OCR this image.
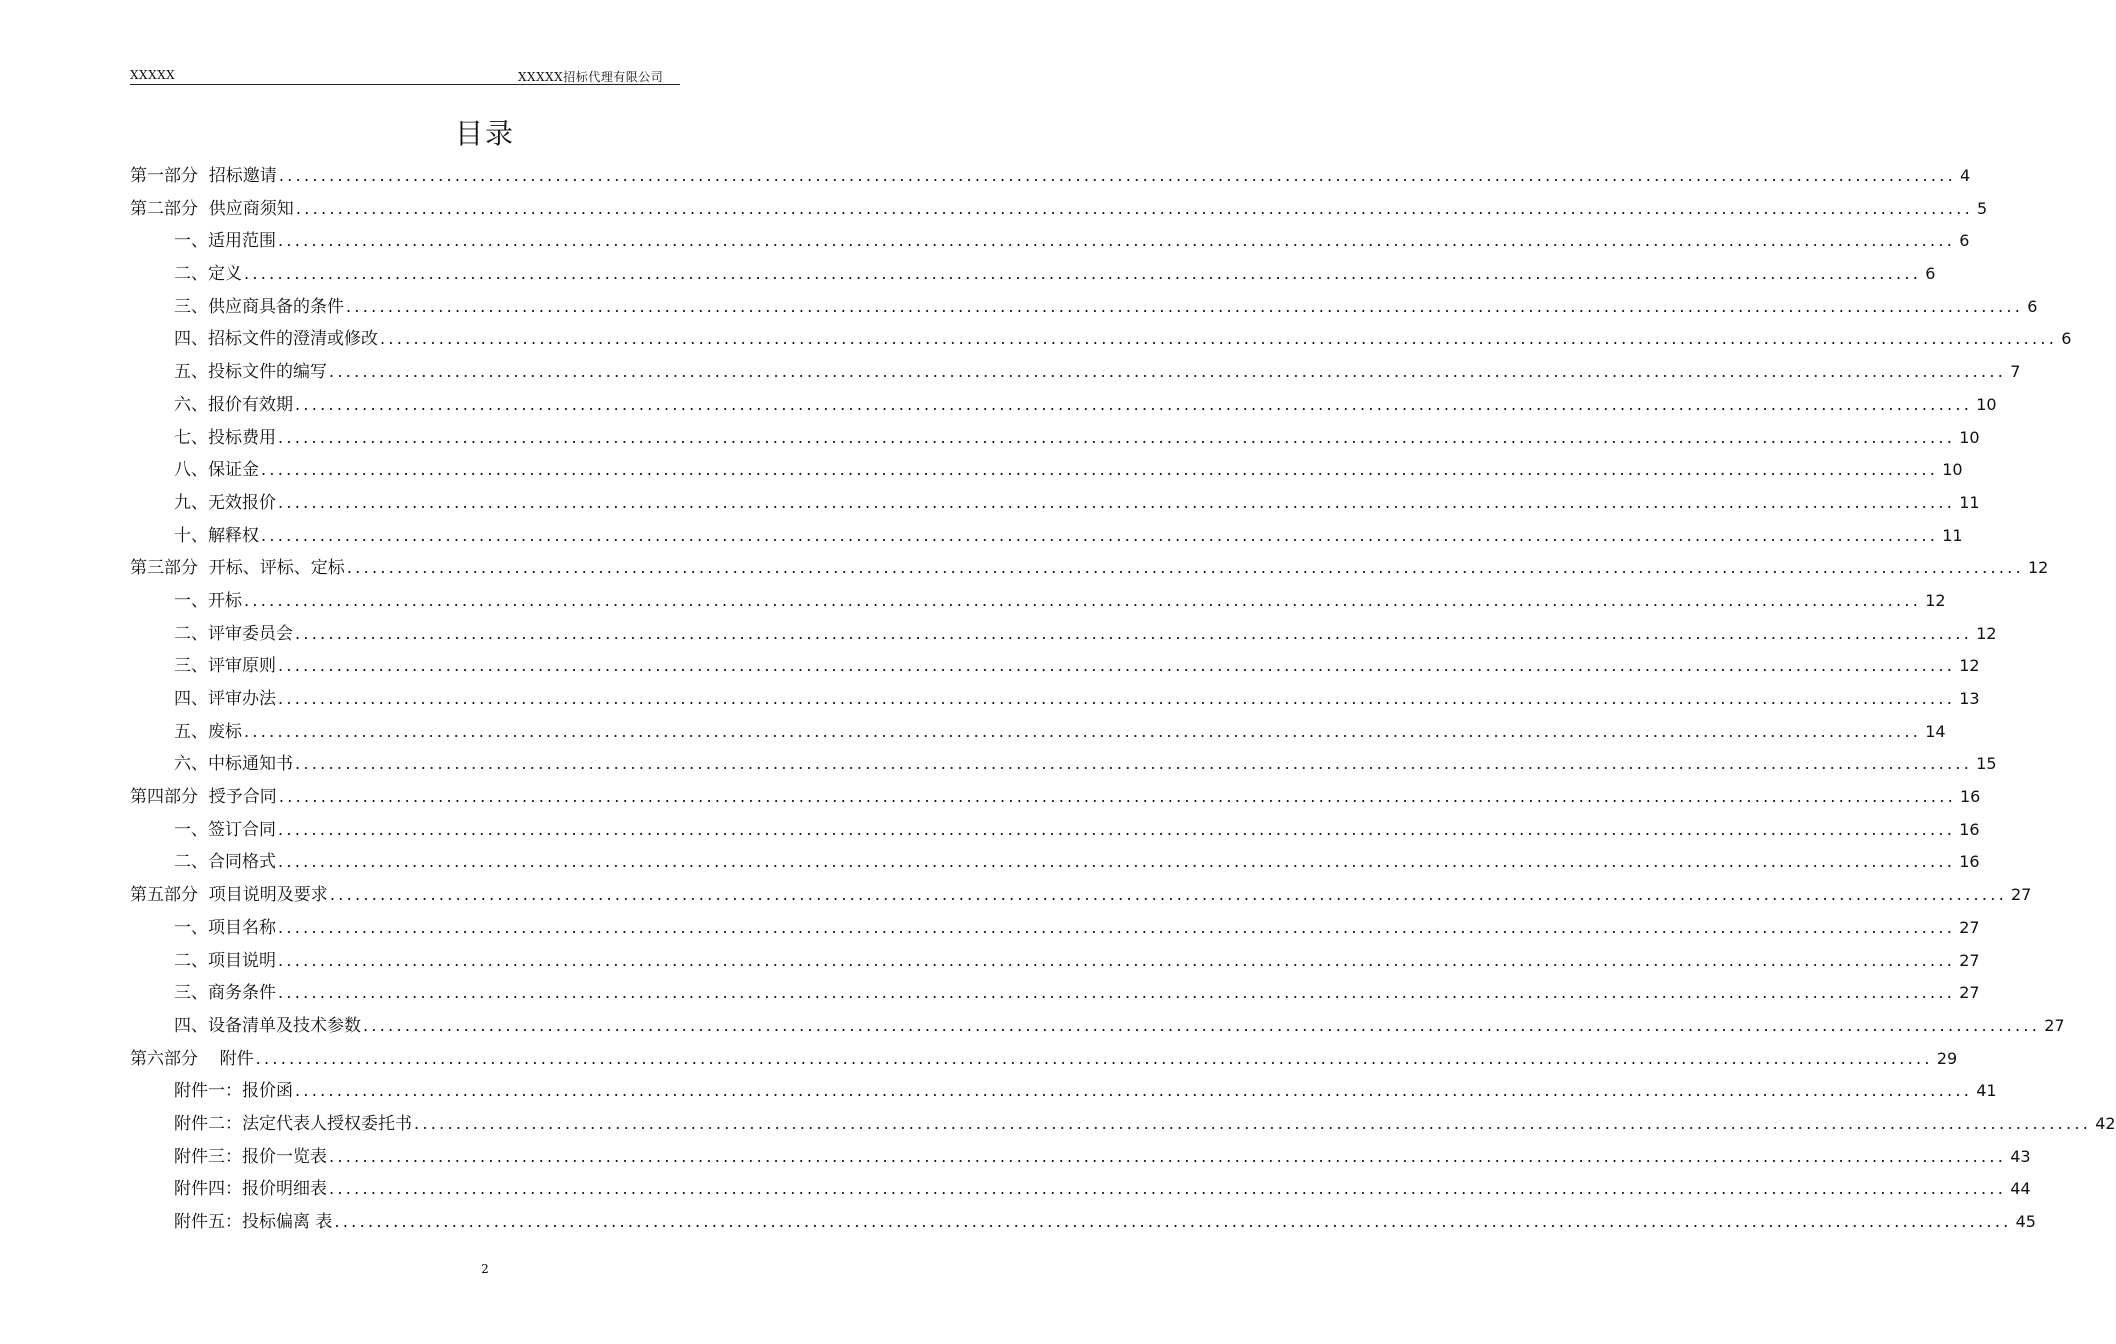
XXXXX	XXXXX招标代理有限公司
目录
第一部分  招标邀请 ........................................................................................................................................................................................................ 4
第二部分  供应商须知 ........................................................................................................................................................................................................ 5
一、适用范围 ........................................................................................................................................................................................................ 6
二、定义 ........................................................................................................................................................................................................ 6
三、供应商具备的条件 ........................................................................................................................................................................................................ 6
四、招标文件的澄清或修改 ........................................................................................................................................................................................................ 6
五、投标文件的编写 ........................................................................................................................................................................................................ 7
六、报价有效期 ........................................................................................................................................................................................................ 10
七、投标费用 ........................................................................................................................................................................................................ 10
八、保证金 ........................................................................................................................................................................................................ 10
九、无效报价 ........................................................................................................................................................................................................ 11
十、解释权 ........................................................................................................................................................................................................ 11
第三部分  开标、评标、定标 ........................................................................................................................................................................................................ 12
一、开标 ........................................................................................................................................................................................................ 12
二、评审委员会 ........................................................................................................................................................................................................ 12
三、评审原则 ........................................................................................................................................................................................................ 12
四、评审办法 ........................................................................................................................................................................................................ 13
五、废标 ........................................................................................................................................................................................................ 14
六、中标通知书 ........................................................................................................................................................................................................ 15
第四部分  授予合同 ........................................................................................................................................................................................................ 16
一、签订合同 ........................................................................................................................................................................................................ 16
二、合同格式 ........................................................................................................................................................................................................ 16
第五部分  项目说明及要求 ........................................................................................................................................................................................................ 27
一、项目名称 ........................................................................................................................................................................................................ 27
二、项目说明 ........................................................................................................................................................................................................ 27
三、商务条件 ........................................................................................................................................................................................................ 27
四、设备清单及技术参数 ........................................................................................................................................................................................................ 27
第六部分    附件 ........................................................................................................................................................................................................ 29
附件一：报价函 ........................................................................................................................................................................................................ 41
附件二：法定代表人授权委托书 ........................................................................................................................................................................................................ 42
附件三：报价一览表 ........................................................................................................................................................................................................ 43
附件四：报价明细表 ........................................................................................................................................................................................................ 44
附件五：投标偏离 表 ........................................................................................................................................................................................................ 45
2
